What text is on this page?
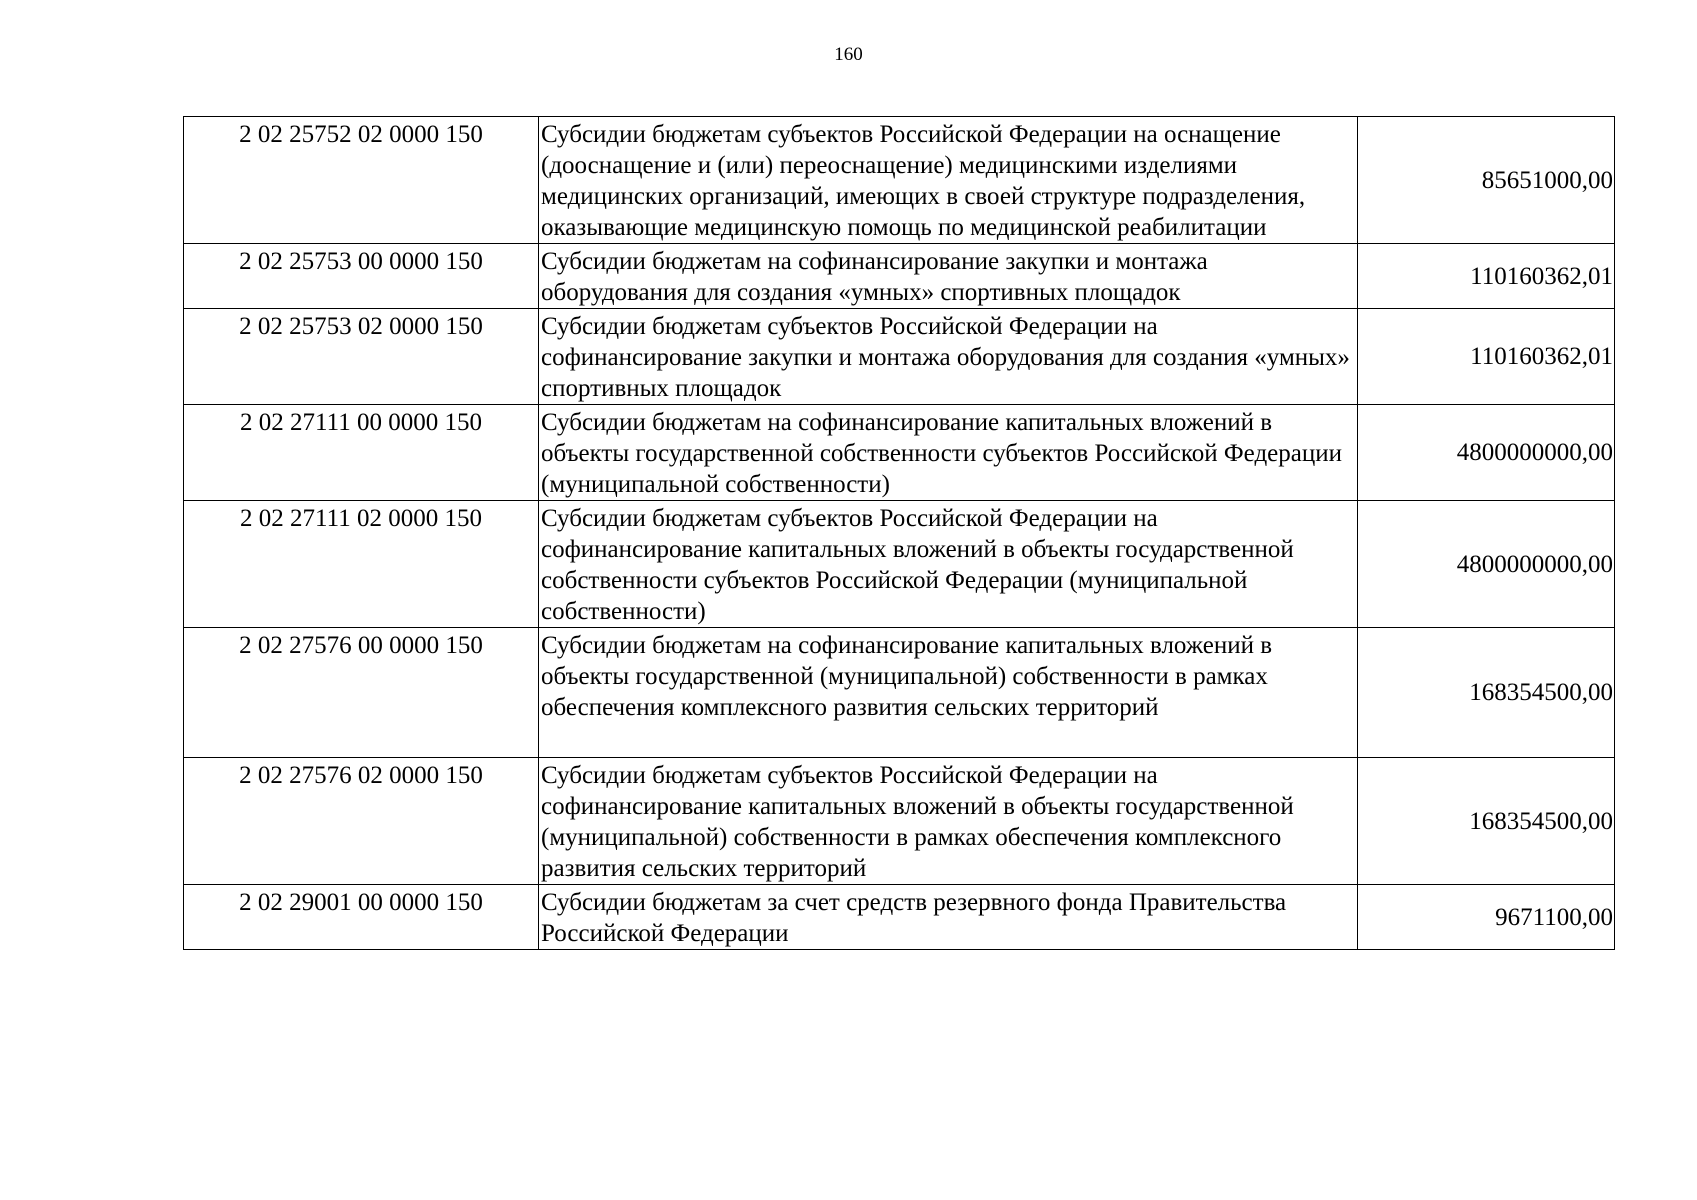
160
2 02 25752 02 0000 150	Субсидии бюджетам субъектов Российской Федерации на оснащение (дооснащение и (или) переоснащение) медицинскими изделиями медицинских организаций, имеющих в своей структуре подразделения, оказывающие медицинскую помощь по медицинской реабилитации	85651000,00
2 02 25753 00 0000 150	Субсидии бюджетам на софинансирование закупки и монтажа оборудования для создания «умных» спортивных площадок	110160362,01
2 02 25753 02 0000 150	Субсидии бюджетам субъектов Российской Федерации на софинансирование закупки и монтажа оборудования для создания «умных» спортивных площадок	110160362,01
2 02 27111 00 0000 150	Субсидии бюджетам на софинансирование капитальных вложений в объекты государственной собственности субъектов Российской Федерации (муниципальной собственности)	4800000000,00
2 02 27111 02 0000 150	Субсидии бюджетам субъектов Российской Федерации на софинансирование капитальных вложений в объекты государственной собственности субъектов Российской Федерации (муниципальной собственности)	4800000000,00
2 02 27576 00 0000 150	Субсидии бюджетам на софинансирование капитальных вложений в объекты государственной (муниципальной) собственности в рамках обеспечения комплексного развития сельских территорий	168354500,00
2 02 27576 02 0000 150	Субсидии бюджетам субъектов Российской Федерации на софинансирование капитальных вложений в объекты государственной (муниципальной) собственности в рамках обеспечения комплексного развития сельских территорий	168354500,00
2 02 29001 00 0000 150	Субсидии бюджетам за счет средств резервного фонда Правительства Российской Федерации	9671100,00
